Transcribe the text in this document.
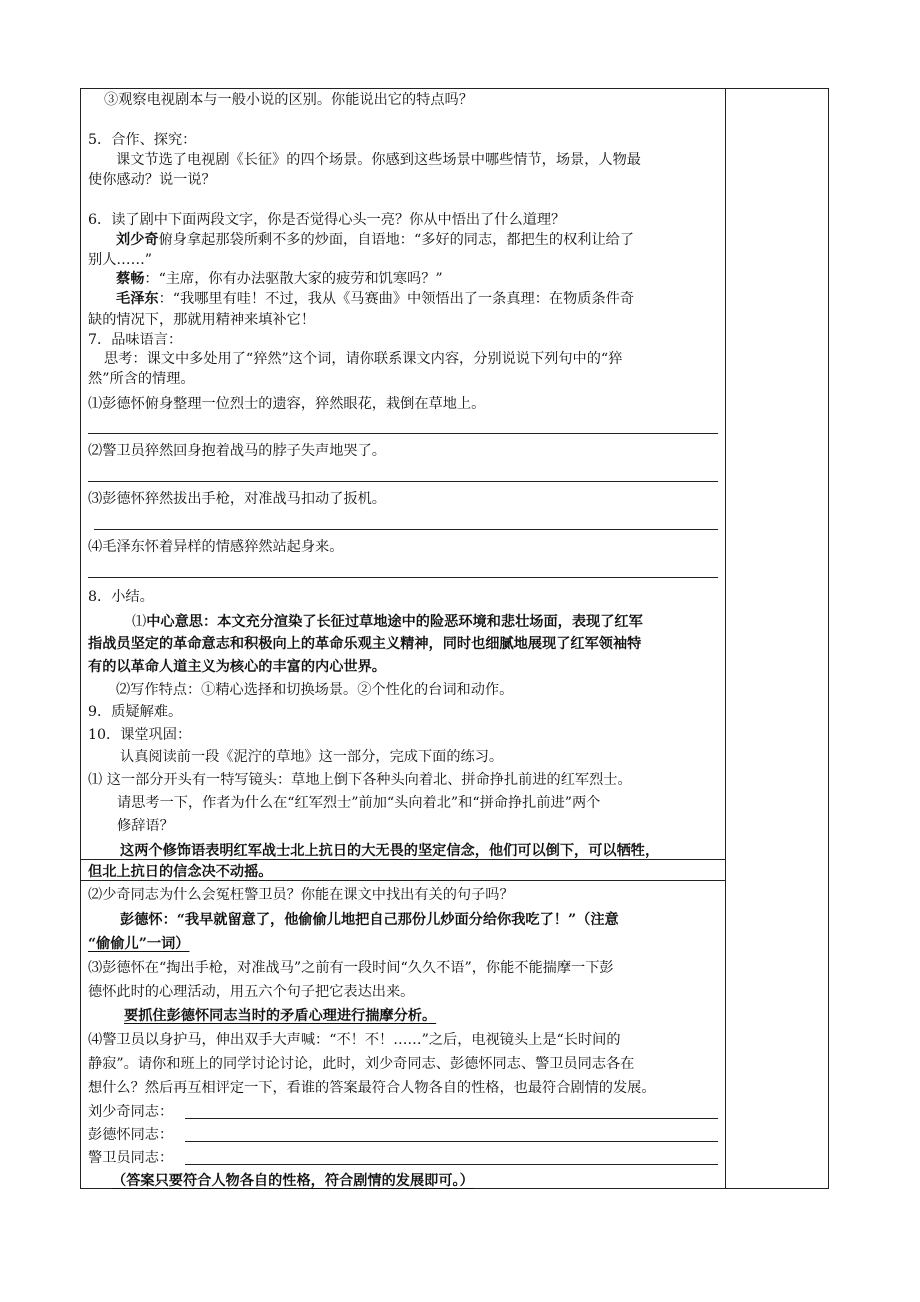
③观察电视剧本与一般小说的区别。你能说出它的特点吗？
5．合作、探究：
课文节选了电视剧《长征》的四个场景。你感到这些场景中哪些情节，场景，人物最
使你感动？说一说？
6．读了剧中下面两段文字，你是否觉得心头一亮？你从中悟出了什么道理？
刘少奇俯身拿起那袋所剩不多的炒面，自语地：“多好的同志，都把生的权利让给了
别人……”
蔡畅：“主席，你有办法驱散大家的疲劳和饥寒吗？”
毛泽东：“我哪里有哇！不过，我从《马赛曲》中领悟出了一条真理：在物质条件奇
缺的情况下，那就用精神来填补它！
7．品味语言：
思考：课文中多处用了“猝然”这个词，请你联系课文内容，分别说说下列句中的“猝
然”所含的情理。
⑴彭德怀俯身整理一位烈士的遗容，猝然眼花，栽倒在草地上。
⑵警卫员猝然回身抱着战马的脖子失声地哭了。
⑶彭德怀猝然拔出手枪，对准战马扣动了扳机。
⑷毛泽东怀着异样的情感猝然站起身来。
8．小结。
⑴中心意思：本文充分渲染了长征过草地途中的险恶环境和悲壮场面，表现了红军
指战员坚定的革命意志和积极向上的革命乐观主义精神，同时也细腻地展现了红军领袖特
有的以革命人道主义为核心的丰富的内心世界。
⑵写作特点：①精心选择和切换场景。②个性化的台词和动作。
9．质疑解难。
10．课堂巩固：
认真阅读前一段《泥泞的草地》这一部分，完成下面的练习。
⑴ 这一部分开头有一特写镜头：草地上倒下各种头向着北、拼命挣扎前进的红军烈士。
请思考一下，作者为什么在“红军烈士”前加“头向着北”和“拼命挣扎前进”两个
修辞语？
这两个修饰语表明红军战士北上抗日的大无畏的坚定信念，他们可以倒下，可以牺牲，
但北上抗日的信念决不动摇。
⑵少奇同志为什么会冤枉警卫员？你能在课文中找出有关的句子吗？
彭德怀：“我早就留意了，他偷偷儿地把自己那份儿炒面分给你我吃了！”（注意
“偷偷儿”一词）
⑶彭德怀在“掏出手枪，对准战马”之前有一段时间“久久不语”，你能不能揣摩一下彭
德怀此时的心理活动，用五六个句子把它表达出来。
要抓住彭德怀同志当时的矛盾心理进行揣摩分析。
⑷警卫员以身护马，伸出双手大声喊：“不！不！……”之后，电视镜头上是“长时间的
静寂”。请你和班上的同学讨论讨论，此时，刘少奇同志、彭德怀同志、警卫员同志各在
想什么？然后再互相评定一下，看谁的答案最符合人物各自的性格，也最符合剧情的发展。
刘少奇同志：
彭德怀同志：
警卫员同志：
（答案只要符合人物各自的性格，符合剧情的发展即可。）
